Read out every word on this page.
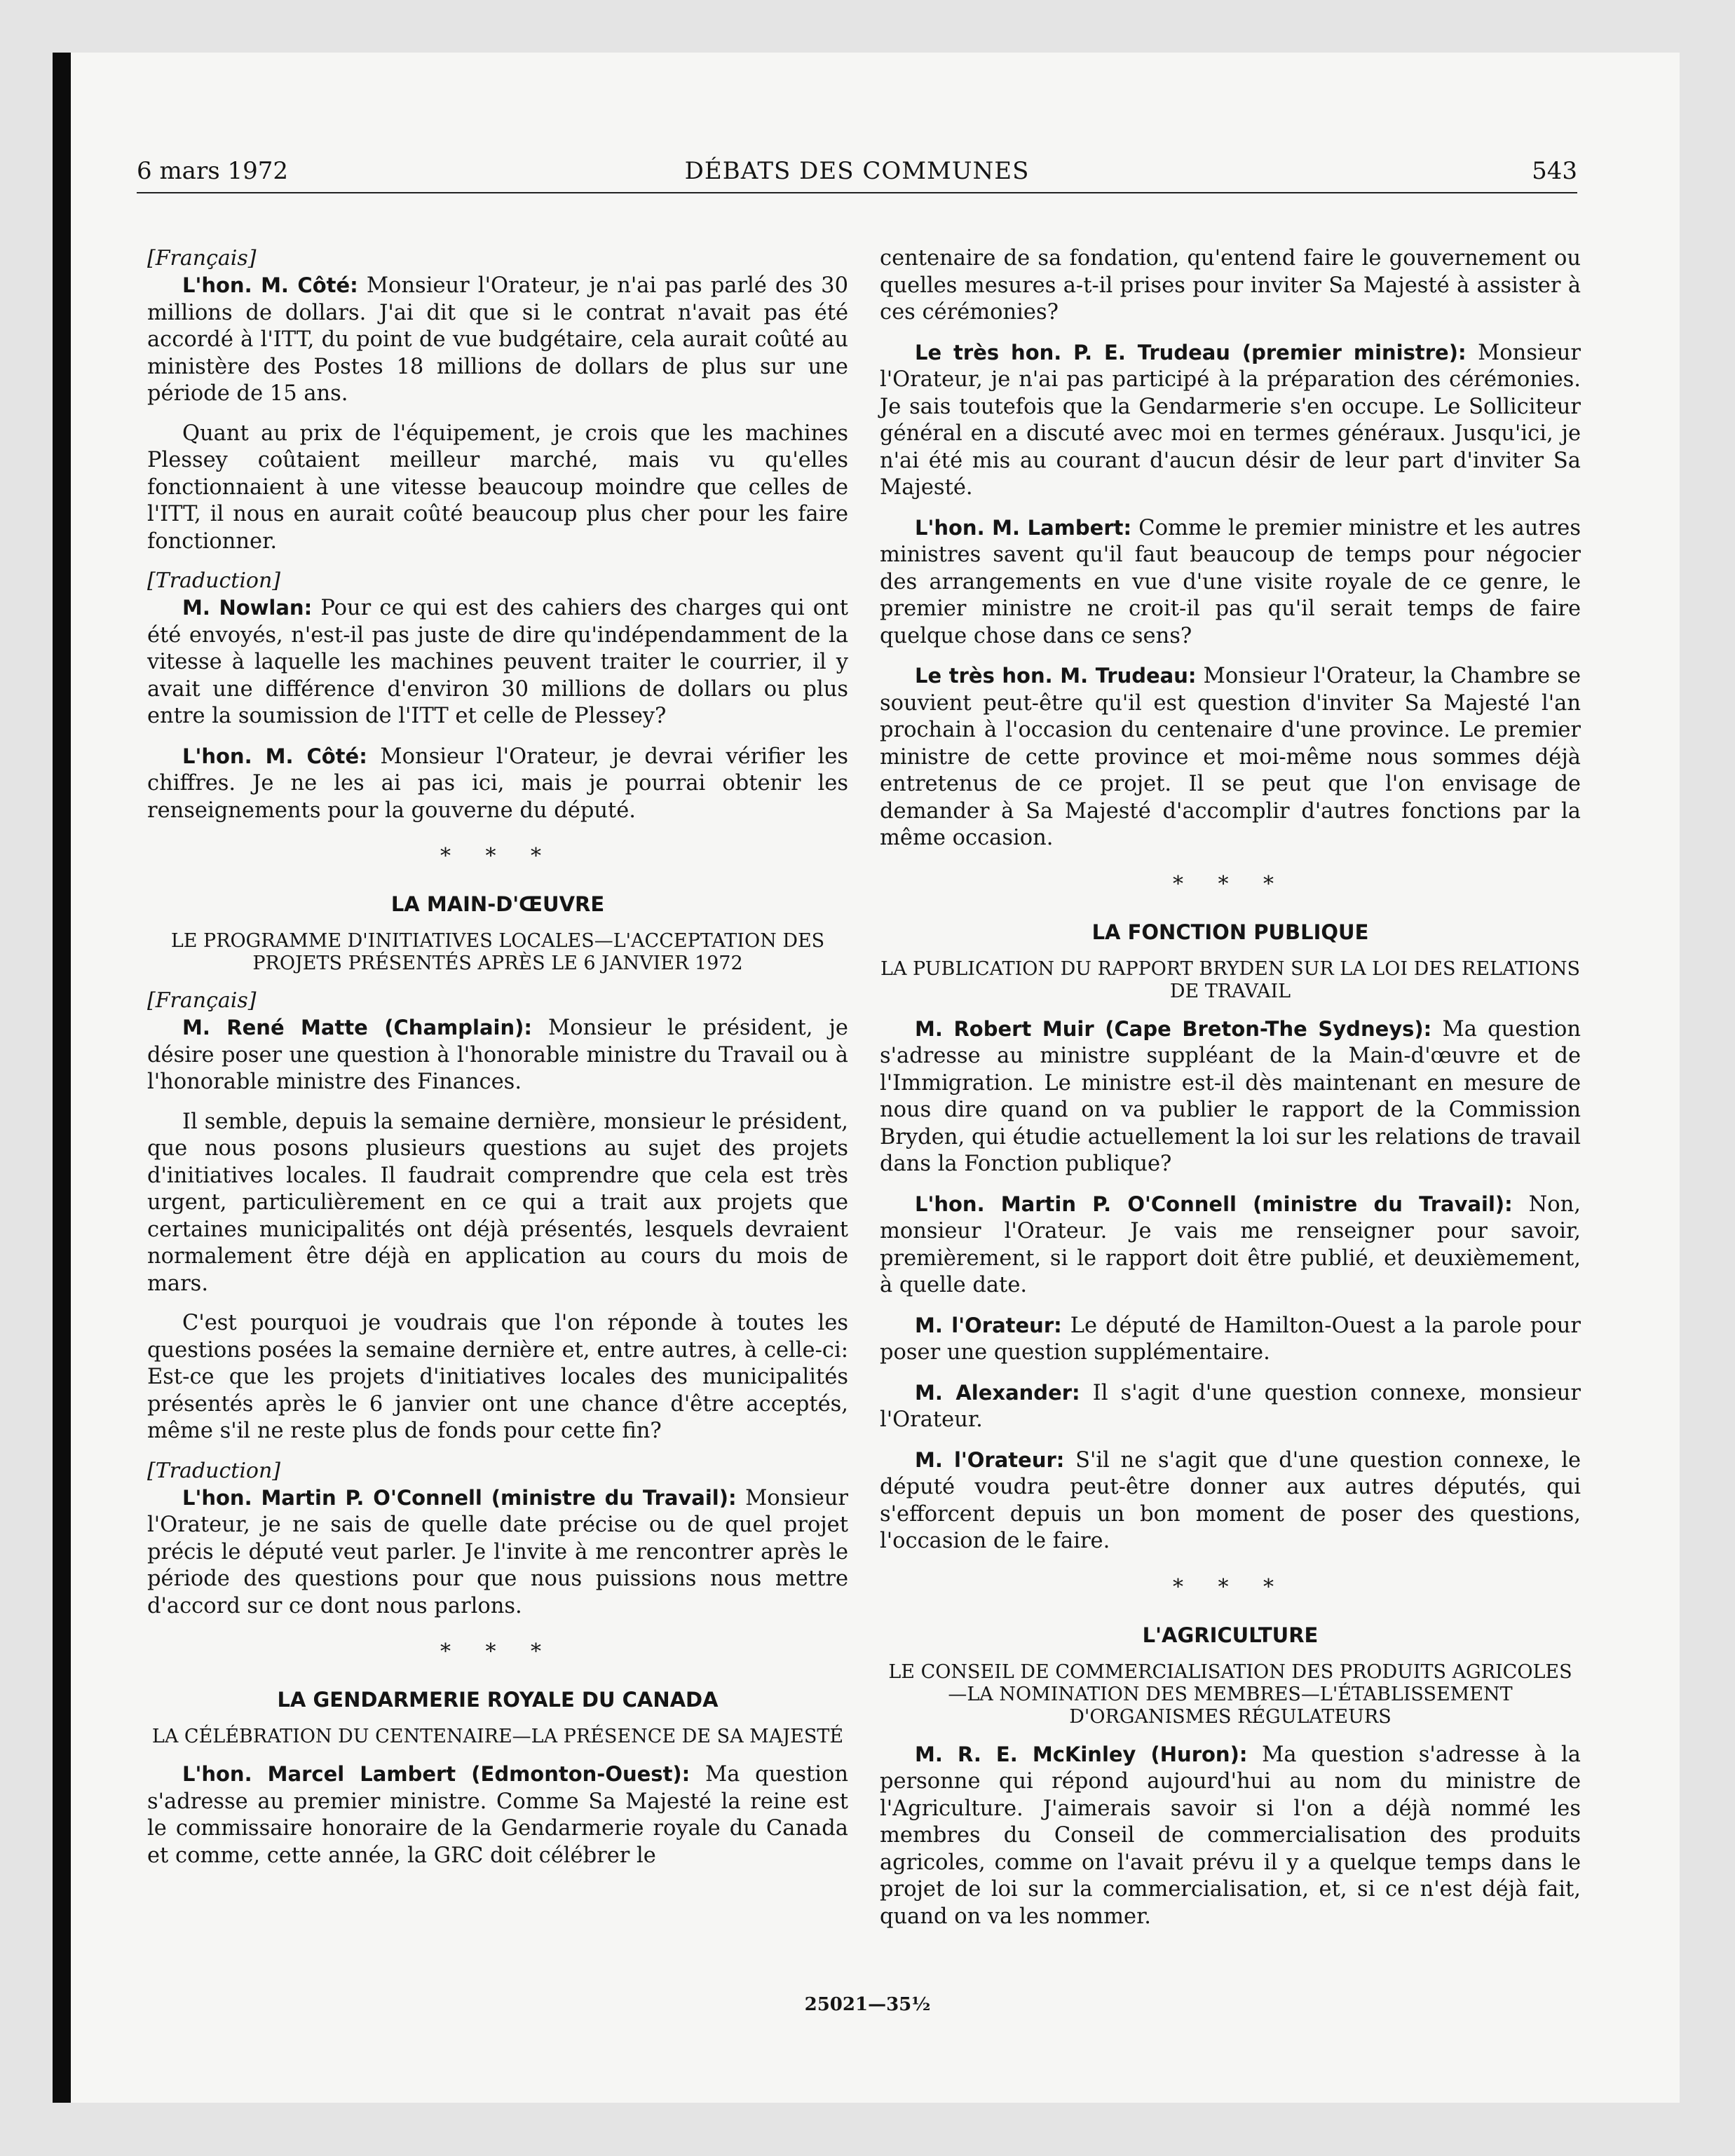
6 mars 1972	DÉBATS DES COMMUNES	543
[Français]

L'hon. M. Côté: Monsieur l'Orateur, je n'ai pas parlé des 30 millions de dollars. J'ai dit que si le contrat n'avait pas été accordé à l'ITT, du point de vue budgétaire, cela aurait coûté au ministère des Postes 18 millions de dollars de plus sur une période de 15 ans.

Quant au prix de l'équipement, je crois que les machines Plessey coûtaient meilleur marché, mais vu qu'elles fonctionnaient à une vitesse beaucoup moindre que celles de l'ITT, il nous en aurait coûté beaucoup plus cher pour les faire fonctionner.

[Traduction]

M. Nowlan: Pour ce qui est des cahiers des charges qui ont été envoyés, n'est-il pas juste de dire qu'indépendamment de la vitesse à laquelle les machines peuvent traiter le courrier, il y avait une différence d'environ 30 millions de dollars ou plus entre la soumission de l'ITT et celle de Plessey?

L'hon. M. Côté: Monsieur l'Orateur, je devrai vérifier les chiffres. Je ne les ai pas ici, mais je pourrai obtenir les renseignements pour la gouverne du député.

* * *
LA MAIN-D'ŒUVRE
LE PROGRAMME D'INITIATIVES LOCALES—L'ACCEPTATION DES PROJETS PRÉSENTÉS APRÈS LE 6 JANVIER 1972
[Français]

M. René Matte (Champlain): Monsieur le président, je désire poser une question à l'honorable ministre du Travail ou à l'honorable ministre des Finances.

Il semble, depuis la semaine dernière, monsieur le président, que nous posons plusieurs questions au sujet des projets d'initiatives locales. Il faudrait comprendre que cela est très urgent, particulièrement en ce qui a trait aux projets que certaines municipalités ont déjà présentés, lesquels devraient normalement être déjà en application au cours du mois de mars.

C'est pourquoi je voudrais que l'on réponde à toutes les questions posées la semaine dernière et, entre autres, à celle-ci: Est-ce que les projets d'initiatives locales des municipalités présentés après le 6 janvier ont une chance d'être acceptés, même s'il ne reste plus de fonds pour cette fin?

[Traduction]

L'hon. Martin P. O'Connell (ministre du Travail): Monsieur l'Orateur, je ne sais de quelle date précise ou de quel projet précis le député veut parler. Je l'invite à me rencontrer après le période des questions pour que nous puissions nous mettre d'accord sur ce dont nous parlons.

* * *
LA GENDARMERIE ROYALE DU CANADA
LA CÉLÉBRATION DU CENTENAIRE—LA PRÉSENCE DE SA MAJESTÉ

L'hon. Marcel Lambert (Edmonton-Ouest): Ma question s'adresse au premier ministre. Comme Sa Majesté la reine est le commissaire honoraire de la Gendarmerie royale du Canada et comme, cette année, la GRC doit célébrer le

centenaire de sa fondation, qu'entend faire le gouvernement ou quelles mesures a-t-il prises pour inviter Sa Majesté à assister à ces cérémonies?

Le très hon. P. E. Trudeau (premier ministre): Monsieur l'Orateur, je n'ai pas participé à la préparation des cérémonies. Je sais toutefois que la Gendarmerie s'en occupe. Le Solliciteur général en a discuté avec moi en termes généraux. Jusqu'ici, je n'ai été mis au courant d'aucun désir de leur part d'inviter Sa Majesté.

L'hon. M. Lambert: Comme le premier ministre et les autres ministres savent qu'il faut beaucoup de temps pour négocier des arrangements en vue d'une visite royale de ce genre, le premier ministre ne croit-il pas qu'il serait temps de faire quelque chose dans ce sens?

Le très hon. M. Trudeau: Monsieur l'Orateur, la Chambre se souvient peut-être qu'il est question d'inviter Sa Majesté l'an prochain à l'occasion du centenaire d'une province. Le premier ministre de cette province et moi-même nous sommes déjà entretenus de ce projet. Il se peut que l'on envisage de demander à Sa Majesté d'accomplir d'autres fonctions par la même occasion.

* * *
LA FONCTION PUBLIQUE
LA PUBLICATION DU RAPPORT BRYDEN SUR LA LOI DES RELATIONS DE TRAVAIL

M. Robert Muir (Cape Breton-The Sydneys): Ma question s'adresse au ministre suppléant de la Main-d'œuvre et de l'Immigration. Le ministre est-il dès maintenant en mesure de nous dire quand on va publier le rapport de la Commission Bryden, qui étudie actuellement la loi sur les relations de travail dans la Fonction publique?

L'hon. Martin P. O'Connell (ministre du Travail): Non, monsieur l'Orateur. Je vais me renseigner pour savoir, premièrement, si le rapport doit être publié, et deuxièmement, à quelle date.

M. l'Orateur: Le député de Hamilton-Ouest a la parole pour poser une question supplémentaire.

M. Alexander: Il s'agit d'une question connexe, monsieur l'Orateur.

M. l'Orateur: S'il ne s'agit que d'une question connexe, le député voudra peut-être donner aux autres députés, qui s'efforcent depuis un bon moment de poser des questions, l'occasion de le faire.

* * *
L'AGRICULTURE
LE CONSEIL DE COMMERCIALISATION DES PRODUITS AGRICOLES—LA NOMINATION DES MEMBRES—L'ÉTABLISSEMENT D'ORGANISMES RÉGULATEURS

M. R. E. McKinley (Huron): Ma question s'adresse à la personne qui répond aujourd'hui au nom du ministre de l'Agriculture. J'aimerais savoir si l'on a déjà nommé les membres du Conseil de commercialisation des produits agricoles, comme on l'avait prévu il y a quelque temps dans le projet de loi sur la commercialisation, et, si ce n'est déjà fait, quand on va les nommer.

25021—35½
